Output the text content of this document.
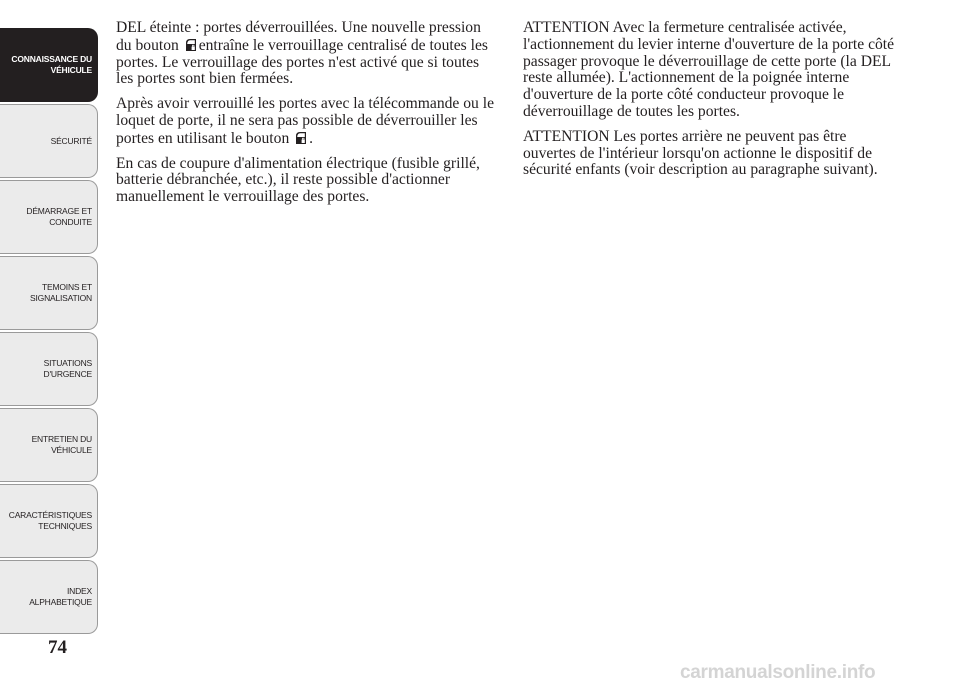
CONNAISSANCE DU
VÉHICULE
SÉCURITÉ
DÉMARRAGE ET
CONDUITE
TEMOINS ET
SIGNALISATION
SITUATIONS
D'URGENCE
ENTRETIEN DU
VÉHICULE
CARACTÉRISTIQUES
TECHNIQUES
INDEX
ALPHABETIQUE
74

DEL éteinte : portes déverrouillées. Une nouvelle pression du bouton entraîne le verrouillage centralisé de toutes les portes. Le verrouillage des portes n'est activé que si toutes les portes sont bien fermées.

Après avoir verrouillé les portes avec la télécommande ou le loquet de porte, il ne sera pas possible de déverrouiller les portes en utilisant le bouton .

En cas de coupure d'alimentation électrique (fusible grillé, batterie débranchée, etc.), il reste possible d'actionner manuellement le verrouillage des portes.

ATTENTION Avec la fermeture centralisée activée, l'actionnement du levier interne d'ouverture de la porte côté passager provoque le déverrouillage de cette porte (la DEL reste allumée). L'actionnement de la poignée interne d'ouverture de la porte côté conducteur provoque le déverrouillage de toutes les portes.

ATTENTION Les portes arrière ne peuvent pas être ouvertes de l'intérieur lorsqu'on actionne le dispositif de sécurité enfants (voir description au paragraphe suivant).

carmanualsonline.info
